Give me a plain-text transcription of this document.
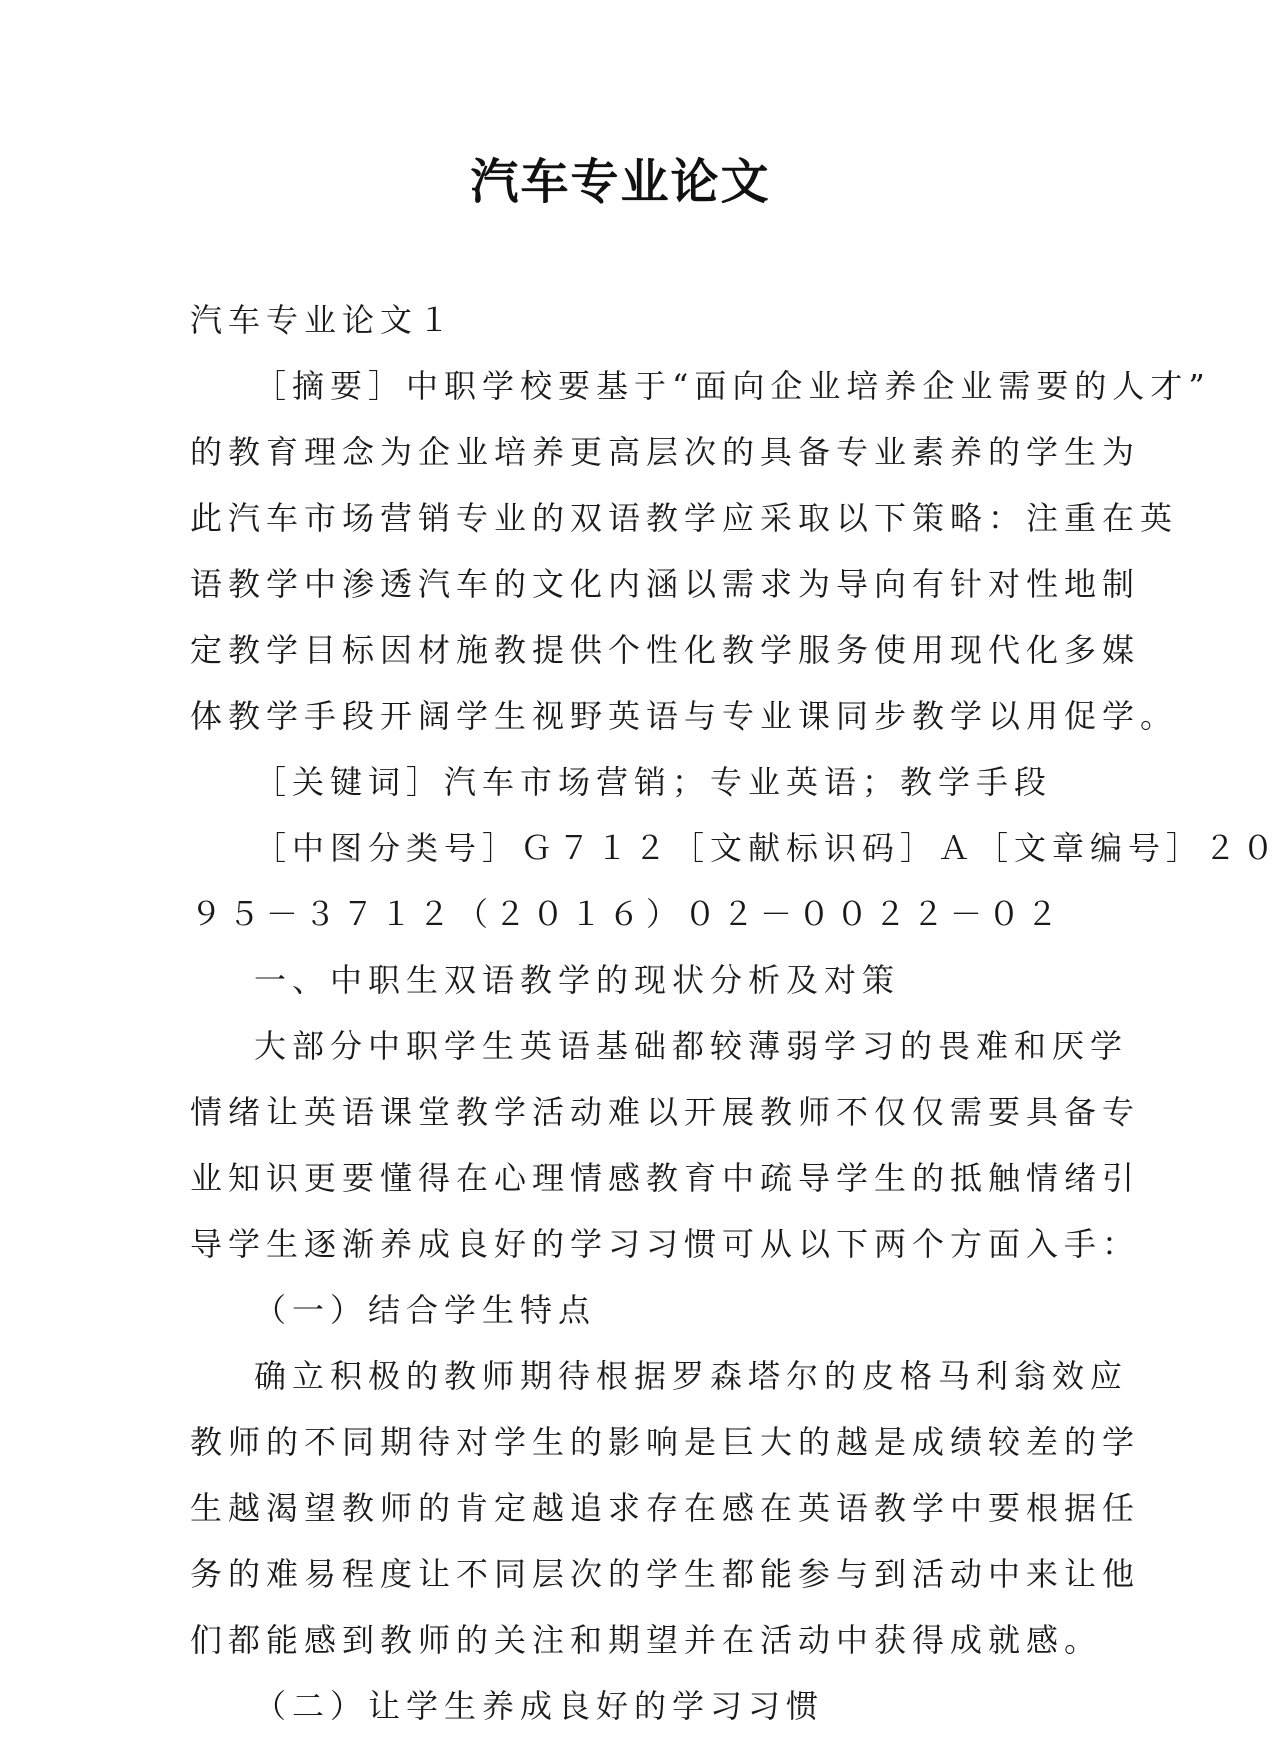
汽车专业论文
汽车专业论文１
［摘要］中职学校要基于“面向企业培养企业需要的人才”
的教育理念为企业培养更高层次的具备专业素养的学生为
此汽车市场营销专业的双语教学应采取以下策略：注重在英
语教学中渗透汽车的文化内涵以需求为导向有针对性地制
定教学目标因材施教提供个性化教学服务使用现代化多媒
体教学手段开阔学生视野英语与专业课同步教学以用促学。
［关键词］汽车市场营销；专业英语；教学手段
［中图分类号］Ｇ７１２［文献标识码］Ａ［文章编号］２０
９５－３７１２（２０１６）０２－００２２－０２
一、中职生双语教学的现状分析及对策
大部分中职学生英语基础都较薄弱学习的畏难和厌学
情绪让英语课堂教学活动难以开展教师不仅仅需要具备专
业知识更要懂得在心理情感教育中疏导学生的抵触情绪引
导学生逐渐养成良好的学习习惯可从以下两个方面入手：
（一）结合学生特点
确立积极的教师期待根据罗森塔尔的皮格马利翁效应
教师的不同期待对学生的影响是巨大的越是成绩较差的学
生越渴望教师的肯定越追求存在感在英语教学中要根据任
务的难易程度让不同层次的学生都能参与到活动中来让他
们都能感到教师的关注和期望并在活动中获得成就感。
（二）让学生养成良好的学习习惯
